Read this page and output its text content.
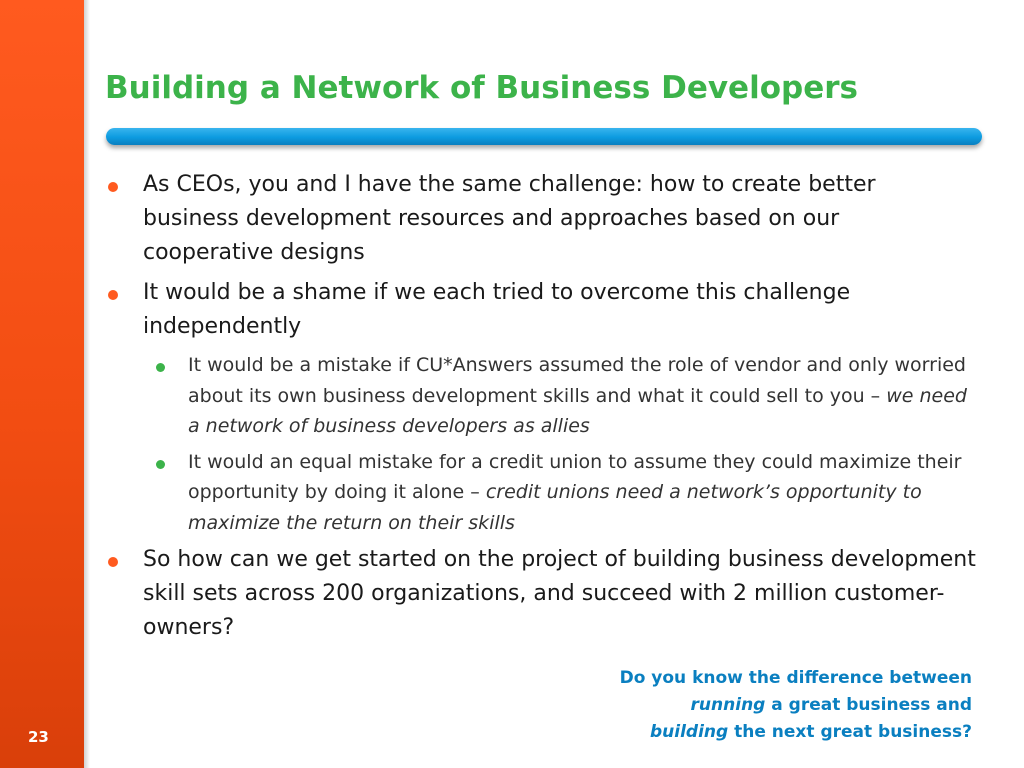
Building a Network of Business Developers
As CEOs, you and I have the same challenge: how to create better business development resources and approaches based on our cooperative designs
It would be a shame if we each tried to overcome this challenge independently
It would be a mistake if CU*Answers assumed the role of vendor and only worried about its own business development skills and what it could sell to you – we need a network of business developers as allies
It would an equal mistake for a credit union to assume they could maximize their opportunity by doing it alone – credit unions need a network’s opportunity to maximize the return on their skills
So how can we get started on the project of building business development skill sets across 200 organizations, and succeed with 2 million customer-owners?
Do you know the difference between
running a great business and
building the next great business?
23
